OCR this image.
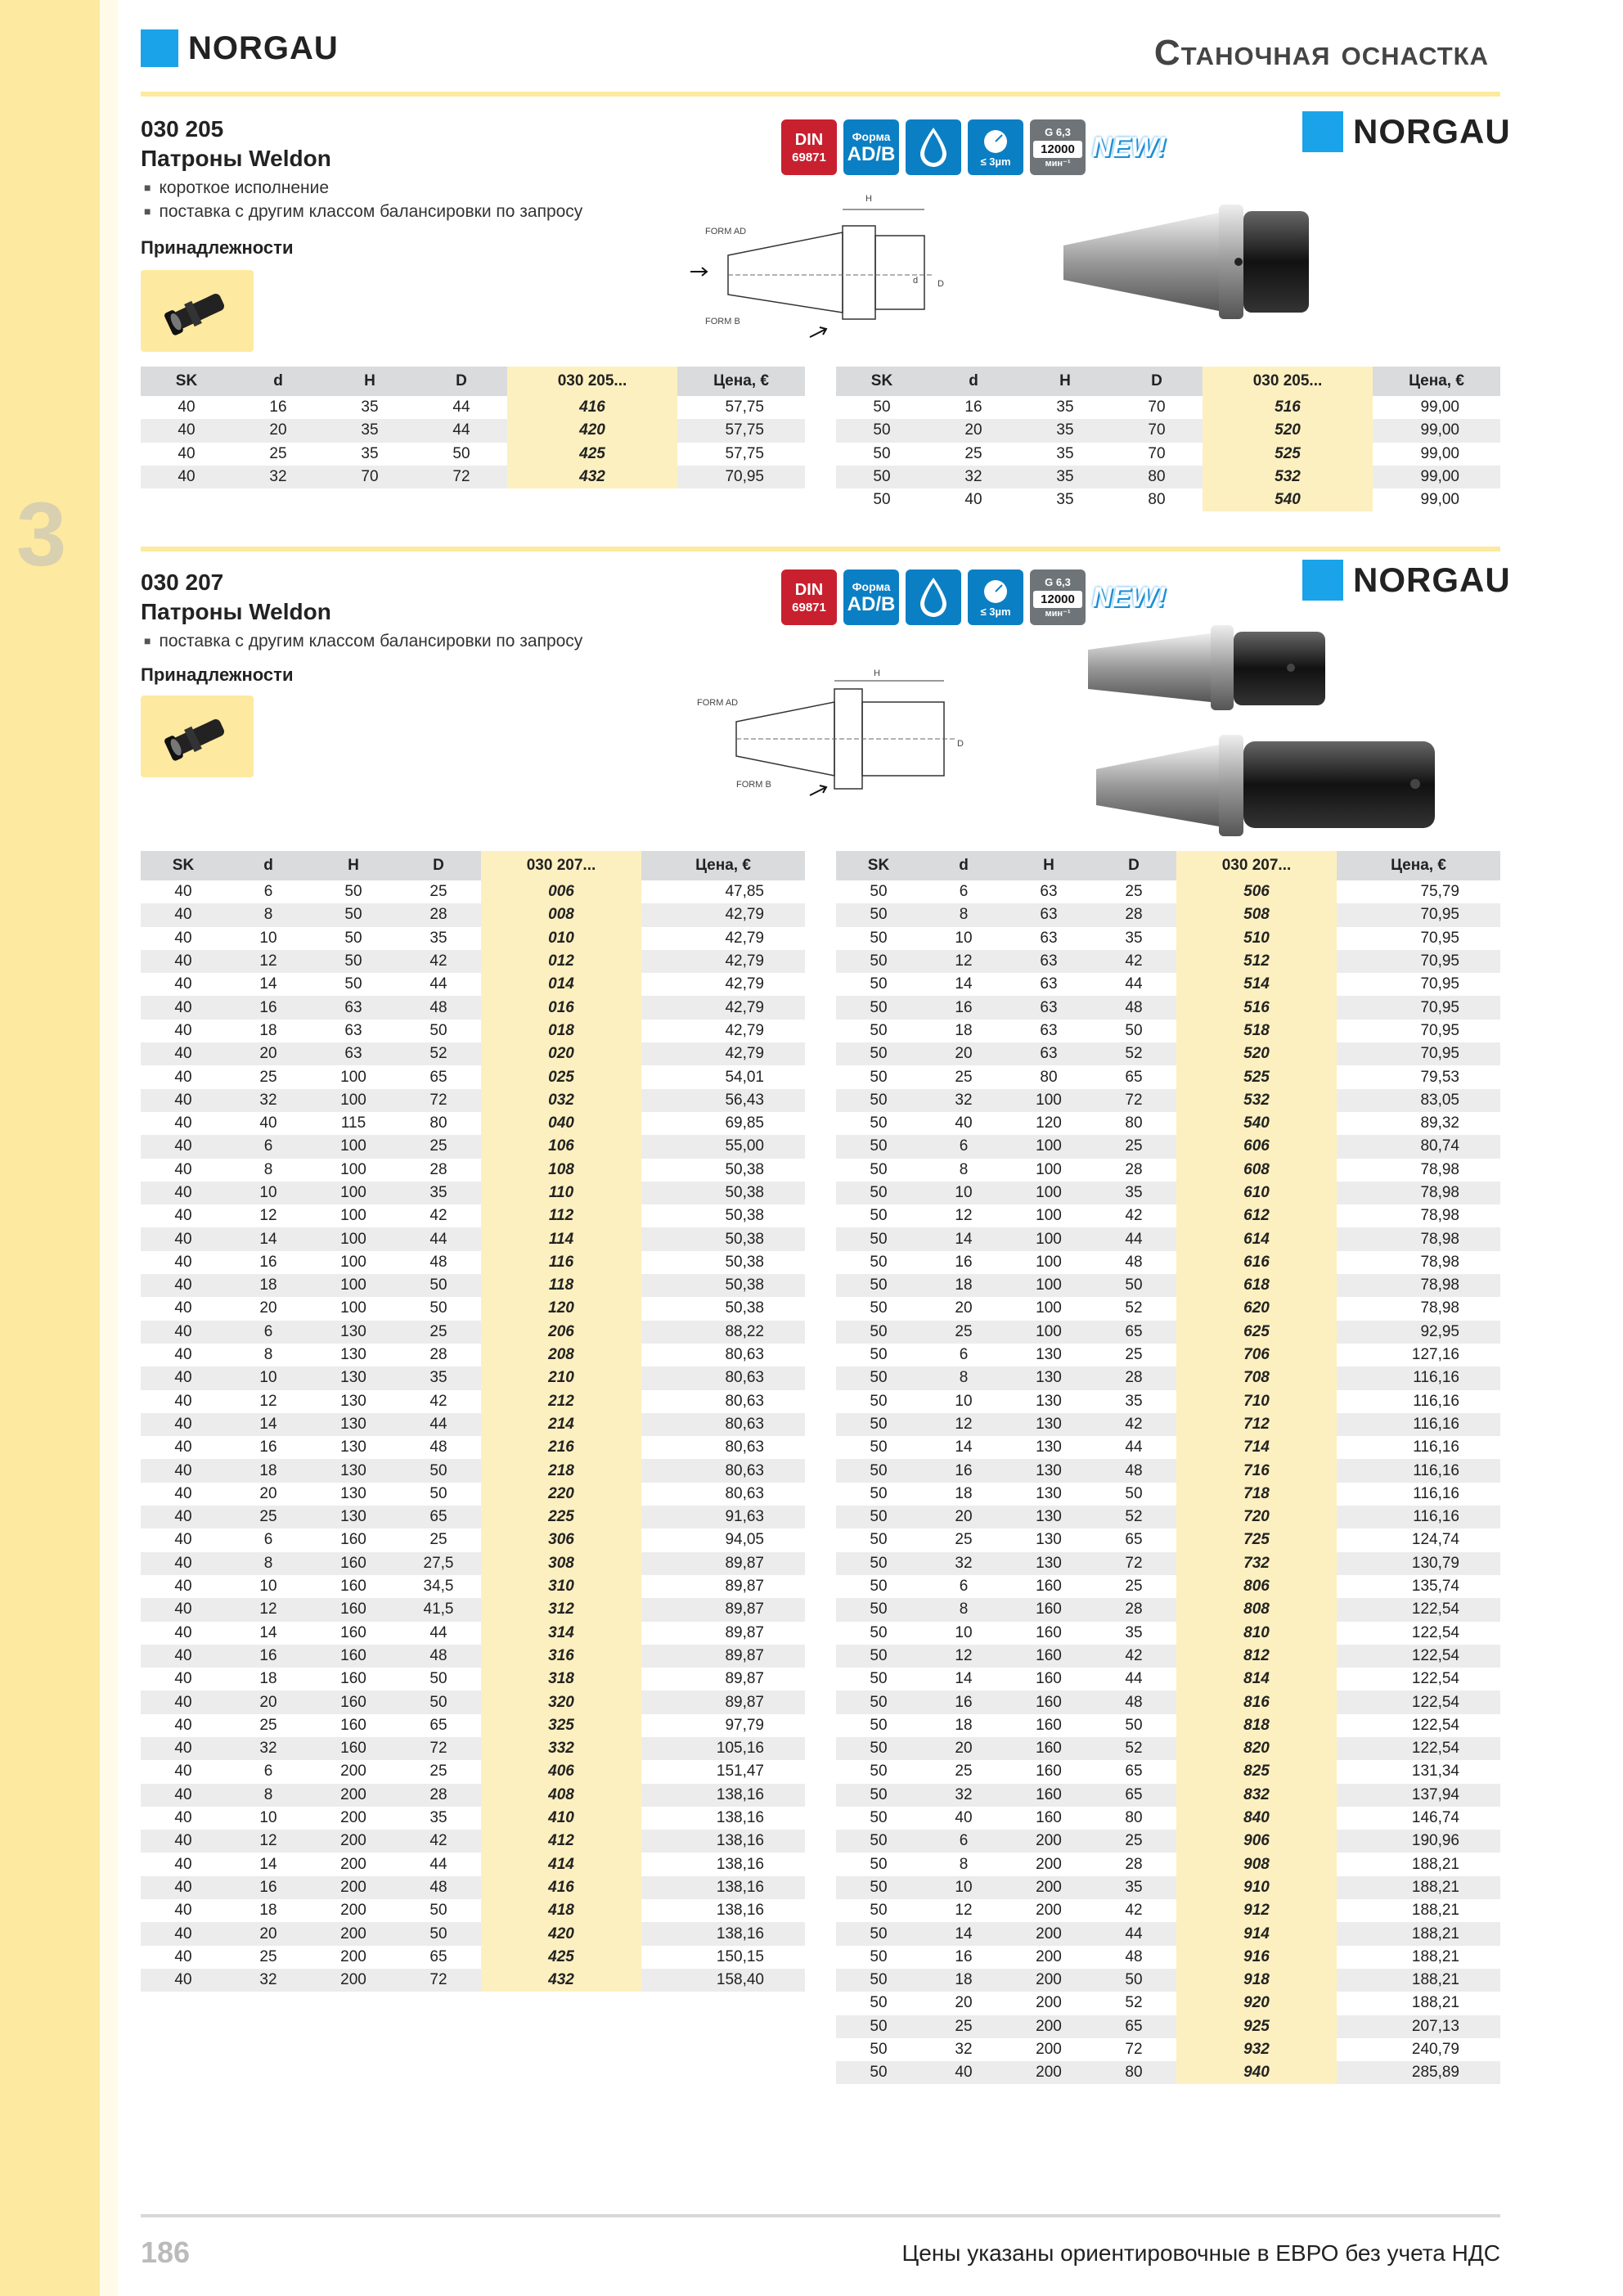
3
NORGAU	Станочная оснастка
030 205
Патроны Weldon
■ короткое исполнение
■ поставка с другим классом балансировки по запросу
Принадлежности
DIN
69871
Форма
AD/B	≤ 3µm
G 6,3
12000
мин⁻¹
NEW!	NORGAU
FORM AD
FORM B
H
d D
SK	d	H	D	030 205...	Цена, €
40	16	35	44	416	57,75
40	20	35	44	420	57,75
40	25	35	50	425	57,75
40	32	70	72	432	70,95
SK	d	H	D	030 205...	Цена, €
50	16	35	70	516	99,00
50	20	35	70	520	99,00
50	25	35	70	525	99,00
50	32	35	80	532	99,00
50	40	35	80	540	99,00
030 207
Патроны Weldon
■ поставка с другим классом балансировки по запросу
Принадлежности
DIN
69871
Форма
AD/B	≤ 3µm
G 6,3
12000
мин⁻¹
NEW!	NORGAU
FORM AD
FORM B
H
D
SK	d	H	D	030 207...	Цена, €
40	6	50	25	006	47,85
40	8	50	28	008	42,79
40	10	50	35	010	42,79
40	12	50	42	012	42,79
40	14	50	44	014	42,79
40	16	63	48	016	42,79
40	18	63	50	018	42,79
40	20	63	52	020	42,79
40	25	100	65	025	54,01
40	32	100	72	032	56,43
40	40	115	80	040	69,85
40	6	100	25	106	55,00
40	8	100	28	108	50,38
40	10	100	35	110	50,38
40	12	100	42	112	50,38
40	14	100	44	114	50,38
40	16	100	48	116	50,38
40	18	100	50	118	50,38
40	20	100	50	120	50,38
40	6	130	25	206	88,22
40	8	130	28	208	80,63
40	10	130	35	210	80,63
40	12	130	42	212	80,63
40	14	130	44	214	80,63
40	16	130	48	216	80,63
40	18	130	50	218	80,63
40	20	130	50	220	80,63
40	25	130	65	225	91,63
40	6	160	25	306	94,05
40	8	160	27,5	308	89,87
40	10	160	34,5	310	89,87
40	12	160	41,5	312	89,87
40	14	160	44	314	89,87
40	16	160	48	316	89,87
40	18	160	50	318	89,87
40	20	160	50	320	89,87
40	25	160	65	325	97,79
40	32	160	72	332	105,16
40	6	200	25	406	151,47
40	8	200	28	408	138,16
40	10	200	35	410	138,16
40	12	200	42	412	138,16
40	14	200	44	414	138,16
40	16	200	48	416	138,16
40	18	200	50	418	138,16
40	20	200	50	420	138,16
40	25	200	65	425	150,15
40	32	200	72	432	158,40
SK	d	H	D	030 207...	Цена, €
50	6	63	25	506	75,79
50	8	63	28	508	70,95
50	10	63	35	510	70,95
50	12	63	42	512	70,95
50	14	63	44	514	70,95
50	16	63	48	516	70,95
50	18	63	50	518	70,95
50	20	63	52	520	70,95
50	25	80	65	525	79,53
50	32	100	72	532	83,05
50	40	120	80	540	89,32
50	6	100	25	606	80,74
50	8	100	28	608	78,98
50	10	100	35	610	78,98
50	12	100	42	612	78,98
50	14	100	44	614	78,98
50	16	100	48	616	78,98
50	18	100	50	618	78,98
50	20	100	52	620	78,98
50	25	100	65	625	92,95
50	6	130	25	706	127,16
50	8	130	28	708	116,16
50	10	130	35	710	116,16
50	12	130	42	712	116,16
50	14	130	44	714	116,16
50	16	130	48	716	116,16
50	18	130	50	718	116,16
50	20	130	52	720	116,16
50	25	130	65	725	124,74
50	32	130	72	732	130,79
50	6	160	25	806	135,74
50	8	160	28	808	122,54
50	10	160	35	810	122,54
50	12	160	42	812	122,54
50	14	160	44	814	122,54
50	16	160	48	816	122,54
50	18	160	50	818	122,54
50	20	160	52	820	122,54
50	25	160	65	825	131,34
50	32	160	65	832	137,94
50	40	160	80	840	146,74
50	6	200	25	906	190,96
50	8	200	28	908	188,21
50	10	200	35	910	188,21
50	12	200	42	912	188,21
50	14	200	44	914	188,21
50	16	200	48	916	188,21
50	18	200	50	918	188,21
50	20	200	52	920	188,21
50	25	200	65	925	207,13
50	32	200	72	932	240,79
50	40	200	80	940	285,89
186	Цены указаны ориентировочные в ЕВРО без учета НДС
